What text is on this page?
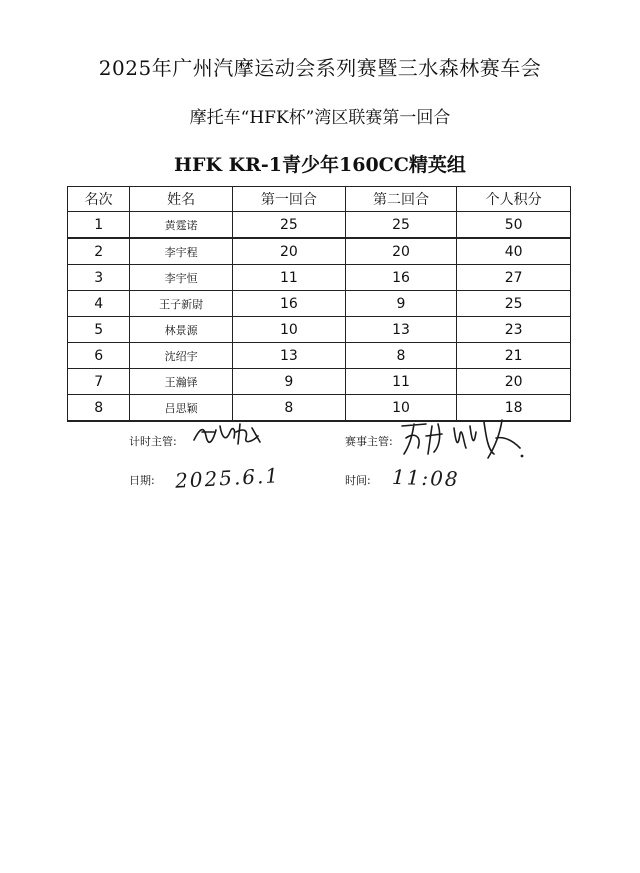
2025年广州汽摩运动会系列赛暨三水森林赛车会
摩托车“HFK杯”湾区联赛第一回合
HFK KR-1青少年160CC精英组
名次	姓名	第一回合	第二回合	个人积分
1	黄霆诺	25	25	50
2	李宇程	20	20	40
3	李宇恒	11	16	27
4	王子新尉	16	9	25
5	林景源	10	13	23
6	沈绍宇	13	8	21
7	王瀚铎	9	11	20
8	吕思颖	8	10	18
计时主管:	赛事主管:
日期: 2025.6.1	时间: 11:08
